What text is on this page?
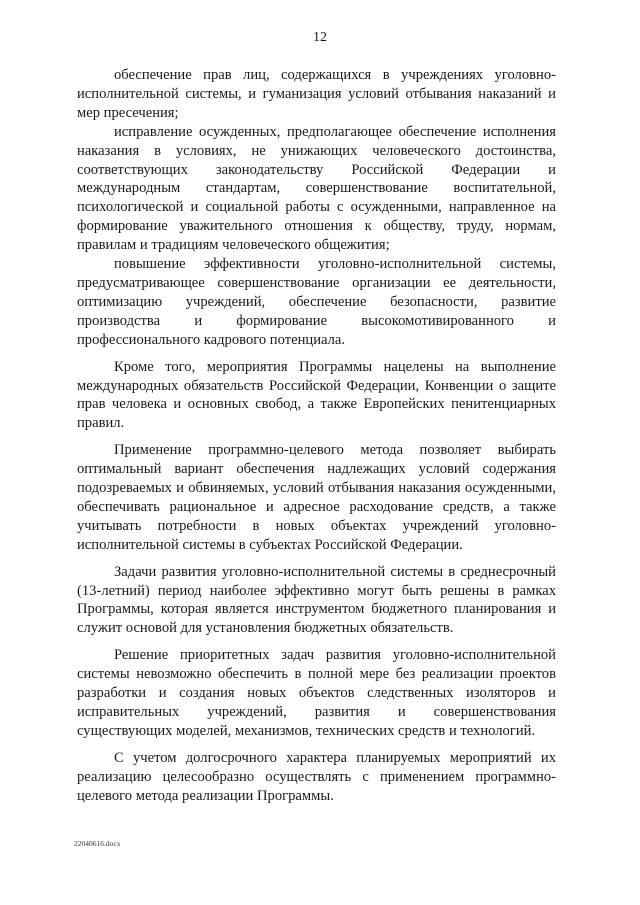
12

обеспечение прав лиц, содержащихся в учреждениях уголовно-исполнительной системы, и гуманизация условий отбывания наказаний и мер пресечения;

исправление осужденных, предполагающее обеспечение исполнения наказания в условиях, не унижающих человеческого достоинства, соответствующих законодательству Российской Федерации и международным стандартам, совершенствование воспитательной, психологической и социальной работы с осужденными, направленное на формирование уважительного отношения к обществу, труду, нормам, правилам и традициям человеческого общежития;

повышение эффективности уголовно-исполнительной системы, предусматривающее совершенствование организации ее деятельности, оптимизацию учреждений, обеспечение безопасности, развитие производства и формирование высокомотивированного и профессионального кадрового потенциала.

Кроме того, мероприятия Программы нацелены на выполнение международных обязательств Российской Федерации, Конвенции о защите прав человека и основных свобод, а также Европейских пенитенциарных правил.

Применение программно-целевого метода позволяет выбирать оптимальный вариант обеспечения надлежащих условий содержания подозреваемых и обвиняемых, условий отбывания наказания осужденными, обеспечивать рациональное и адресное расходование средств, а также учитывать потребности в новых объектах учреждений уголовно-исполнительной системы в субъектах Российской Федерации.

Задачи развития уголовно-исполнительной системы в среднесрочный (13-летний) период наиболее эффективно могут быть решены в рамках Программы, которая является инструментом бюджетного планирования и служит основой для установления бюджетных обязательств.

Решение приоритетных задач развития уголовно-исполнительной системы невозможно обеспечить в полной мере без реализации проектов разработки и создания новых объектов следственных изоляторов и исправительных учреждений, развития и совершенствования существующих моделей, механизмов, технических средств и технологий.

С учетом долгосрочного характера планируемых мероприятий их реализацию целесообразно осуществлять с применением программно-целевого метода реализации Программы.

22040616.docx
